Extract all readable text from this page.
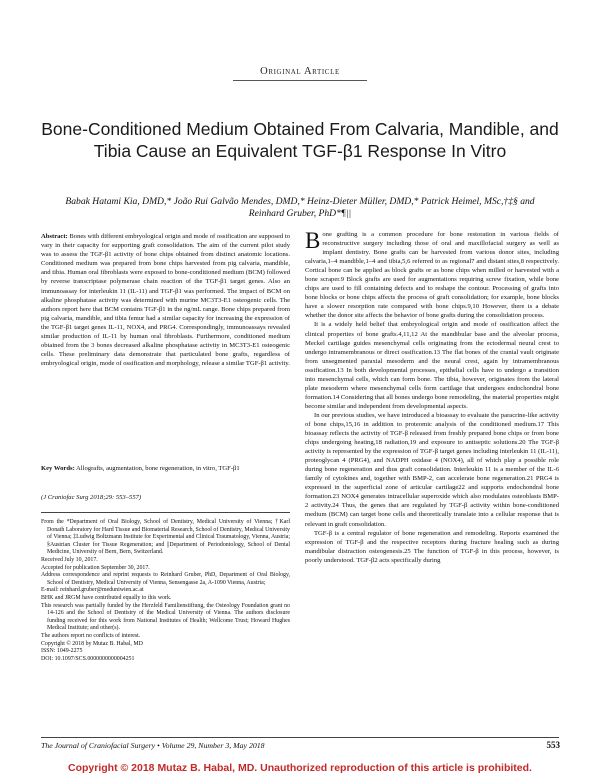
Original Article
Bone-Conditioned Medium Obtained From Calvaria, Mandible, and Tibia Cause an Equivalent TGF-β1 Response In Vitro
Babak Hatami Kia, DMD,* João Rui Galvão Mendes, DMD,* Heinz-Dieter Müller, DMD,* Patrick Heimel, MSc,†‡§ and Reinhard Gruber, PhD*¶||
Abstract: Bones with different embryological origin and mode of ossification are supposed to vary in their capacity for supporting graft consolidation. The aim of the current pilot study was to assess the TGF-β1 activity of bone chips obtained from distinct anatomic locations. Conditioned medium was prepared from bone chips harvested from pig calvaria, mandible, and tibia. Human oral fibroblasts were exposed to bone-conditioned medium (BCM) followed by reverse transcriptase polymerase chain reaction of the TGF-β1 target genes. Also an immunoassay for interleukin 11 (IL-11) and TGF-β1 was performed. The impact of BCM on alkaline phosphatase activity was determined with murine MC3T3-E1 osteogenic cells. The authors report here that BCM contains TGF-β1 in the ng/mL range. Bone chips prepared from pig calvaria, mandible, and tibia femur had a similar capacity for increasing the expression of the TGF-β1 target genes IL-11, NOX4, and PRG4. Correspondingly, immunoassays revealed similar production of IL-11 by human oral fibroblasts. Furthermore, conditioned medium obtained from the 3 bones decreased alkaline phosphatase activity in MC3T3-E1 osteogenic cells. These preliminary data demonstrate that particulated bone grafts, regardless of embryological origin, mode of ossification and morphology, release a similar TGF-β1 activity.
Key Words: Allografts, augmentation, bone regeneration, in vitro, TGF-β1
(J Craniofac Surg 2018;29: 553–557)

From the *Department of Oral Biology, School of Dentistry, Medical University of Vienna; †Karl Donath Laboratory for Hard Tissue and Biomaterial Research, School of Dentistry, Medical University of Vienna; ‡Ludwig Boltzmann Institute for Experimental and Clinical Traumatology, Vienna, Austria; §Austrian Cluster for Tissue Regeneration; and ||Department of Periodontology, School of Dental Medicine, University of Bern, Bern, Switzerland.

Received July 10, 2017.

Accepted for publication September 30, 2017.

Address correspondence and reprint requests to Reinhard Gruber, PhD, Department of Oral Biology, School of Dentistry, Medical University of Vienna, Sensengasse 2a, A-1090 Vienna, Austria;

E-mail: reinhard.gruber@meduniwien.ac.at

BHK and JRGM have contributed equally to this work.

This research was partially funded by the Herzfeld Familienstiftung, the Osteology Foundation grant no 14-126 and the School of Dentistry of the Medical University of Vienna. The authors disclosure funding received for this work from National Institutes of Health; Wellcome Trust; Howard Hughes Medical Institute; and other(s).

The authors report no conflicts of interest.

Copyright © 2018 by Mutaz B. Habal, MD

ISSN: 1049-2275

DOI: 10.1097/SCS.0000000000004251

Bone grafting is a common procedure for bone restoration in various fields of reconstructive surgery including those of oral and maxillofacial surgery as well as implant dentistry. Bone grafts can be harvested from various donor sites, including calvaria,1–4 mandible,1–4 and tibia,5,6 referred to as regional7 and distant sites,8 respectively. Cortical bone can be applied as block grafts or as bone chips when milled or harvested with a bone scraper.9 Block grafts are used for augmentations requiring screw fixation, while bone chips are used to fill containing defects and to reshape the contour. Processing of grafts into bone blocks or bone chips affects the process of graft consolidation; for example, bone blocks have a slower resorption rate compared with bone chips.9,10 However, there is a debate whether the donor site affects the behavior of bone grafts during the consolidation process.

It is a widely held belief that embryological origin and mode of ossification affect the clinical properties of bone grafts.4,11,12 At the mandibular base and the alveolar process, Meckel cartilage guides mesenchymal cells originating from the ectodermal neural crest to undergo intramembranous or direct ossification.13 The flat bones of the cranial vault originate from unsegmented paraxial mesoderm and the neural crest, again by intramembranous ossification.13 In both developmental processes, epithelial cells have to undergo a transition into mesenchymal cells, which can form bone. The tibia, however, originates from the lateral plate mesoderm where mesenchymal cells form cartilage that undergoes endochondral bone formation.14 Considering that all bones undergo bone remodeling, the material properties might become similar and independent from developmental aspects.

In our previous studies, we have introduced a bioassay to evaluate the paracrine-like activity of bone chips,15,16 in addition to proteomic analysis of the conditioned medium.17 This bioassay reflects the activity of TGF-β released from freshly prepared bone chips or from bone chips undergoing heating,18 radiation,19 and exposure to antiseptic solutions.20 The TGF-β activity is represented by the expression of TGF-β target genes including interleukin 11 (IL-11), proteoglycan 4 (PRG4), and NADPH oxidase 4 (NOX4), all of which play a possible role during bone regeneration and thus graft consolidation. Interleukin 11 is a member of the IL-6 family of cytokines and, together with BMP-2, can accelerate bone regeneration.21 PRG4 is expressed in the superficial zone of articular cartilage22 and supports endochondral bone formation.23 NOX4 generates intracellular superoxide which also modulates osteoblasts BMP-2 activity.24 Thus, the genes that are regulated by TGF-β activity within bone-conditioned medium (BCM) can target bone cells and theoretically translate into a cellular response that is relevant in graft consolidation.

TGF-β is a central regulator of bone regeneration and remodeling. Reports examined the expression of TGF-β and the respective receptors during fracture healing such as during mandibular distraction osteogenesis.25 The function of TGF-β in this process, however, is poorly understood. TGF-β2 acts specifically during

The Journal of Craniofacial Surgery • Volume 29, Number 3, May 2018	553
Copyright © 2018 Mutaz B. Habal, MD. Unauthorized reproduction of this article is prohibited.
